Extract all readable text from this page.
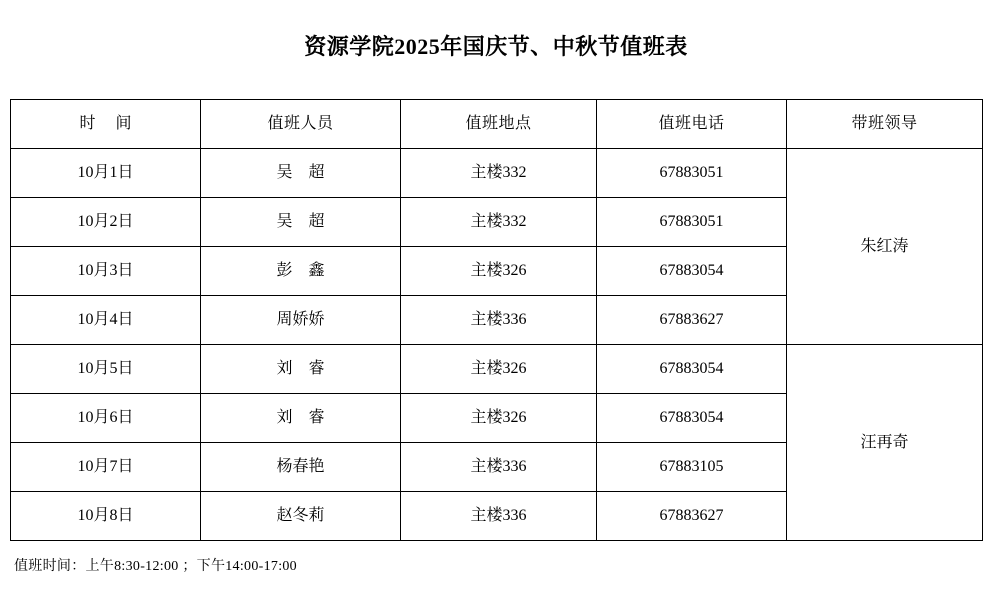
资源学院2025年国庆节、中秋节值班表
时 间	值班人员	值班地点	值班电话	带班领导
10月1日	吴 超	主楼332	67883051	朱红涛
10月2日	吴 超	主楼332	67883051	
10月3日	彭 鑫	主楼326	67883054	
10月4日	周娇娇	主楼336	67883627	
10月5日	刘 睿	主楼326	67883054	汪再奇
10月6日	刘 睿	主楼326	67883054	
10月7日	杨春艳	主楼336	67883105	
10月8日	赵冬莉	主楼336	67883627	
值班时间：上午8:30-12:00 ；下午14:00-17:00
